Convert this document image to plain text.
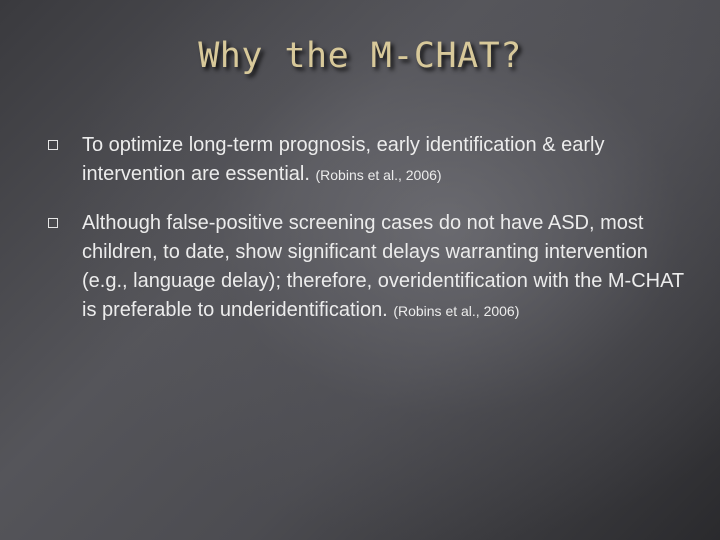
Why the M-CHAT?
To optimize long-term prognosis, early identification & early intervention are essential. (Robins et al., 2006)
Although false-positive screening cases do not have ASD, most children, to date, show significant delays warranting intervention (e.g., language delay); therefore, overidentification with the M-CHAT is preferable to underidentification. (Robins et al., 2006)
